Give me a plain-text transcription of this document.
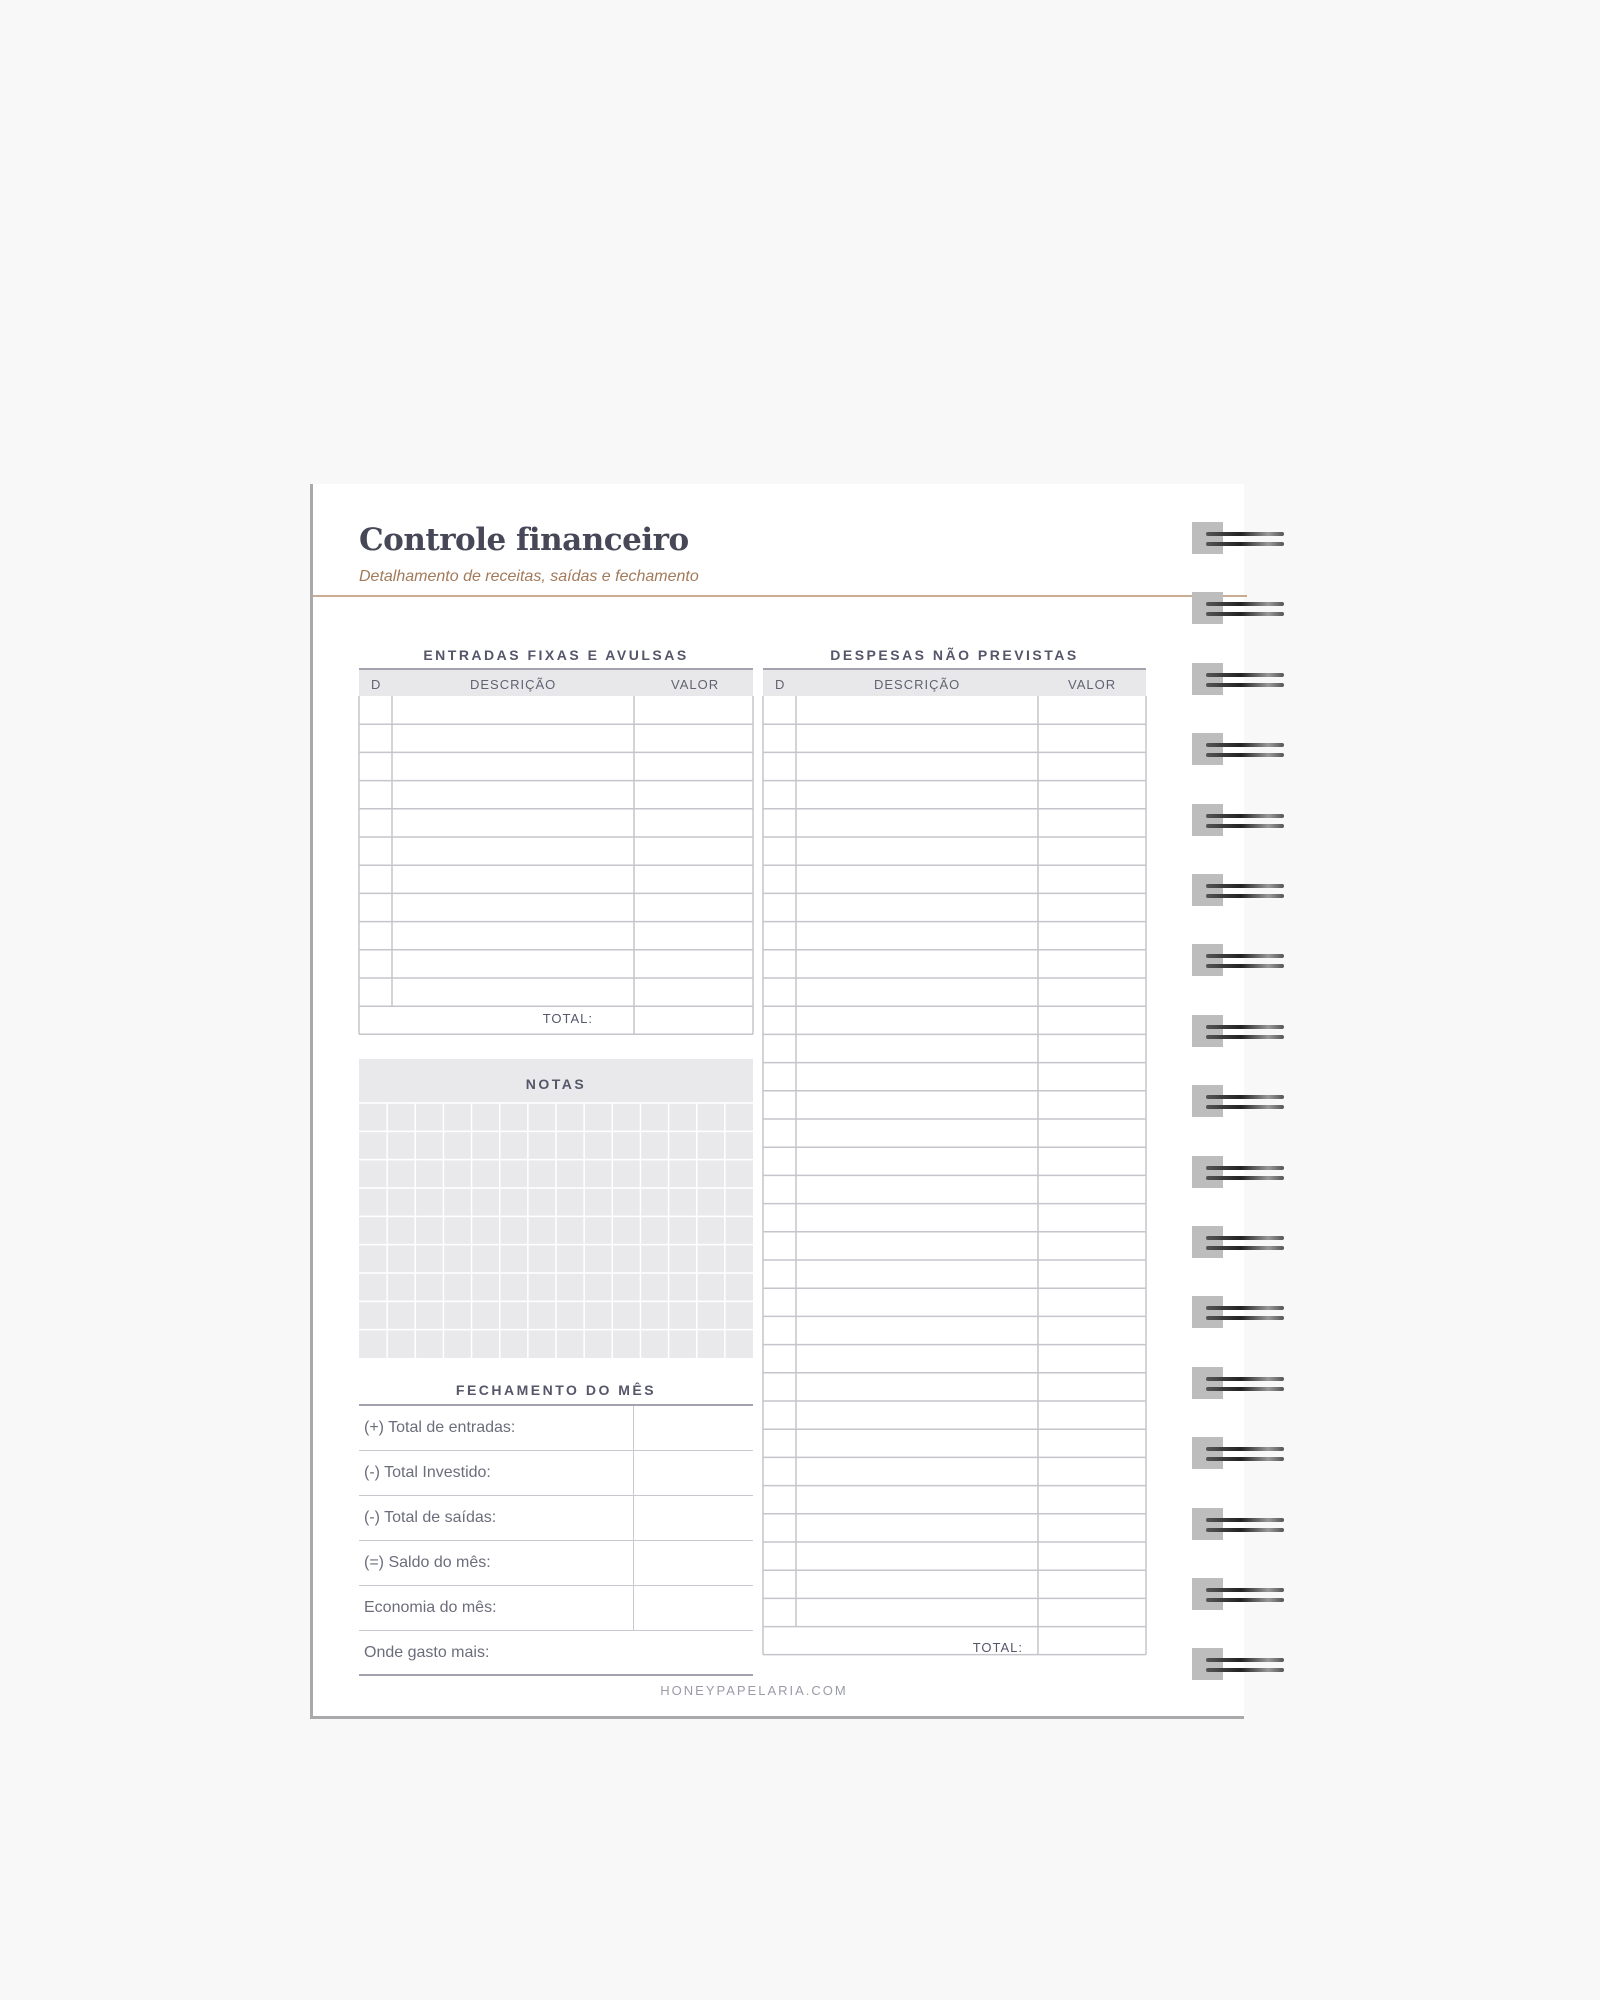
Controle financeiro
Detalhamento de receitas, saídas e fechamento
ENTRADAS FIXAS E AVULSAS
D	DESCRIÇÃO	VALOR
TOTAL:
DESPESAS NÃO PREVISTAS
D	DESCRIÇÃO	VALOR
TOTAL:
NOTAS
FECHAMENTO DO MÊS
(+) Total de entradas:
(-) Total Investido:
(-) Total de saídas:
(=) Saldo do mês:
Economia do mês:
Onde gasto mais:
HONEYPAPELARIA.COM
